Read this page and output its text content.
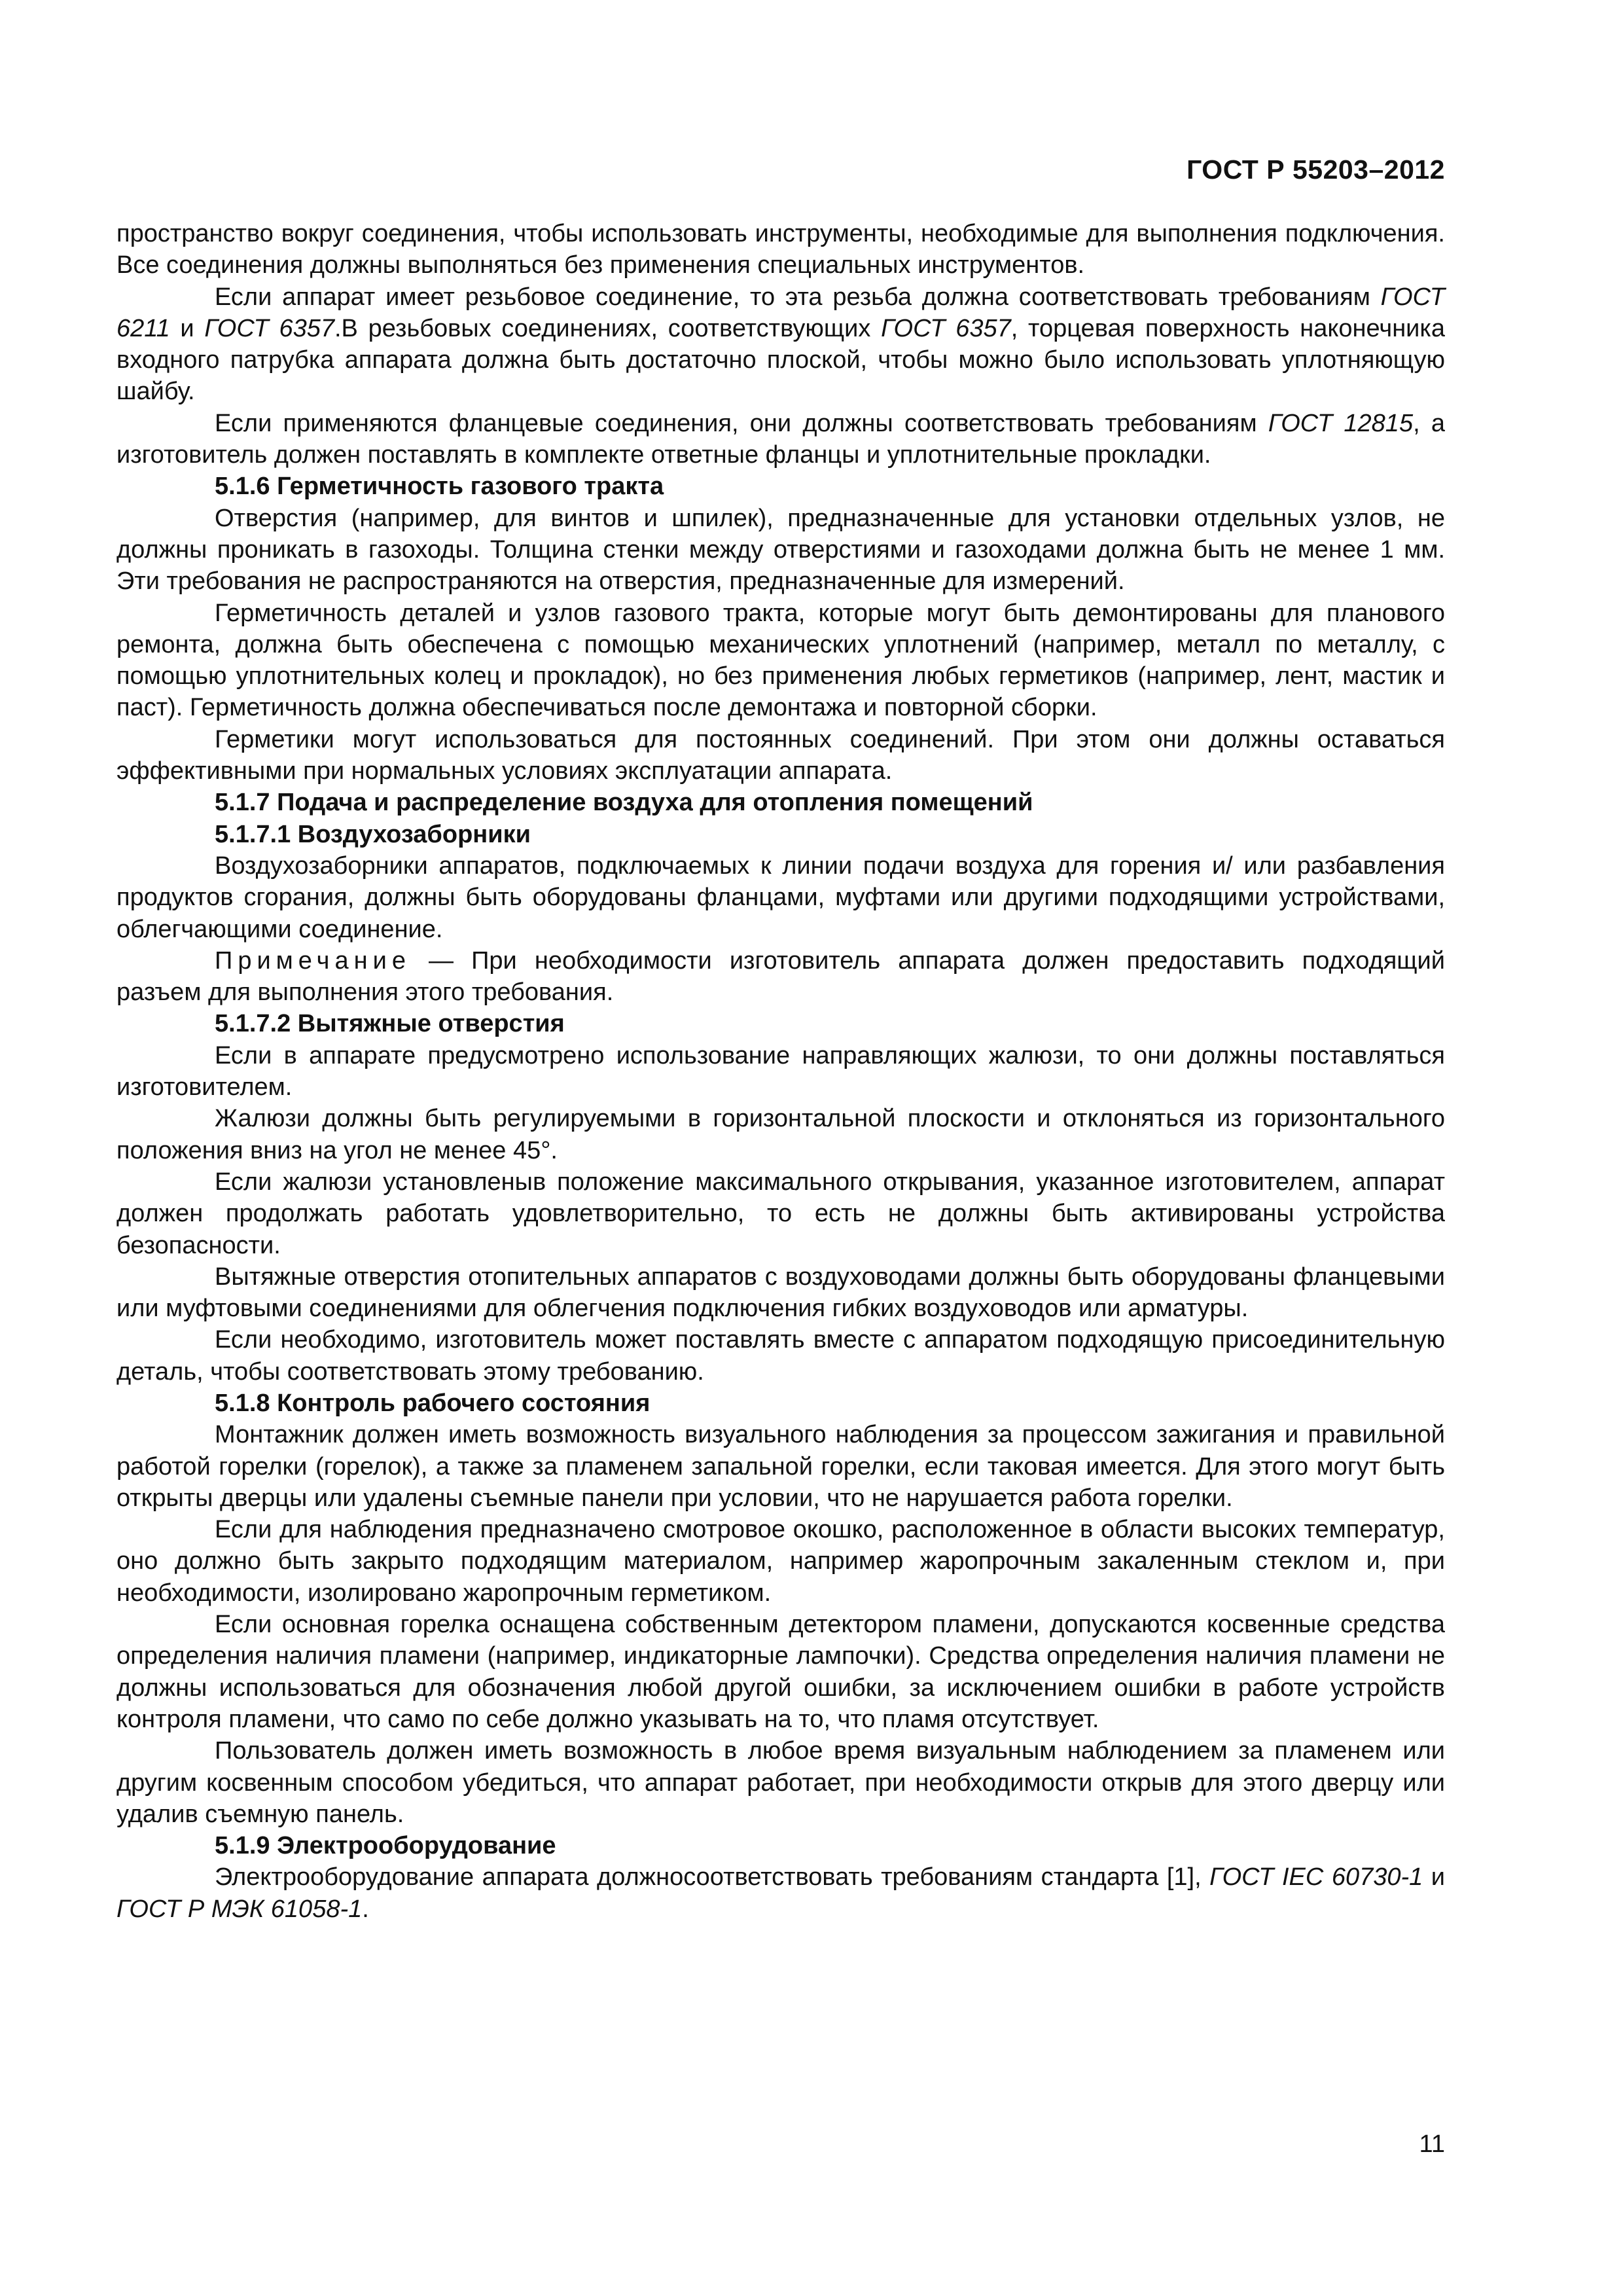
ГОСТ Р 55203–2012

пространство вокруг соединения, чтобы использовать инструменты, необходимые для выполнения подключения. Все соединения должны выполняться без применения специальных инструментов.

Если аппарат имеет резьбовое соединение, то эта резьба должна соответствовать требованиям ГОСТ 6211 и ГОСТ 6357.В резьбовых соединениях, соответствующих ГОСТ 6357, торцевая поверхность наконечника входного патрубка аппарата должна быть достаточно плоской, чтобы можно было использовать уплотняющую шайбу.

Если применяются фланцевые соединения, они должны соответствовать требованиям ГОСТ 12815, а изготовитель должен поставлять в комплекте ответные фланцы и уплотнительные прокладки.

5.1.6 Герметичность газового тракта

Отверстия (например, для винтов и шпилек), предназначенные для установки отдельных узлов, не должны проникать в газоходы. Толщина стенки между отверстиями и газоходами должна быть не менее 1 мм. Эти требования не распространяются на отверстия, предназначенные для измерений.

Герметичность деталей и узлов газового тракта, которые могут быть демонтированы для планового ремонта, должна быть обеспечена с помощью механических уплотнений (например, металл по металлу, с помощью уплотнительных колец и прокладок), но без применения любых герметиков (например, лент, мастик и паст). Герметичность должна обеспечиваться после демонтажа и повторной сборки.

Герметики могут использоваться для постоянных соединений. При этом они должны оставаться эффективными при нормальных условиях эксплуатации аппарата.

5.1.7 Подача и распределение воздуха для отопления помещений

5.1.7.1 Воздухозаборники

Воздухозаборники аппаратов, подключаемых к линии подачи воздуха для горения и/ или разбавления продуктов сгорания, должны быть оборудованы фланцами, муфтами или другими подходящими устройствами, облегчающими соединение.

Примечание — При необходимости изготовитель аппарата должен предоставить подходящий разъем для выполнения этого требования.

5.1.7.2 Вытяжные отверстия

Если в аппарате предусмотрено использование направляющих жалюзи, то они должны поставляться изготовителем.

Жалюзи должны быть регулируемыми в горизонтальной плоскости и отклоняться из горизонтального положения вниз на угол не менее 45°.

Если жалюзи установленыв положение максимального открывания, указанное изготовителем, аппарат должен продолжать работать удовлетворительно, то есть не должны быть активированы устройства безопасности.

Вытяжные отверстия отопительных аппаратов с воздуховодами должны быть оборудованы фланцевыми или муфтовыми соединениями для облегчения подключения гибких воздуховодов или арматуры.

Если необходимо, изготовитель может поставлять вместе с аппаратом подходящую присоединительную деталь, чтобы соответствовать этому требованию.

5.1.8 Контроль рабочего состояния

Монтажник должен иметь возможность визуального наблюдения за процессом зажигания и правильной работой горелки (горелок), а также за пламенем запальной горелки, если таковая имеется. Для этого могут быть открыты дверцы или удалены съемные панели при условии, что не нарушается работа горелки.

Если для наблюдения предназначено смотровое окошко, расположенное в области высоких температур, оно должно быть закрыто подходящим материалом, например жаропрочным закаленным стеклом и, при необходимости, изолировано жаропрочным герметиком.

Если основная горелка оснащена собственным детектором пламени, допускаются косвенные средства определения наличия пламени (например, индикаторные лампочки). Средства определения наличия пламени не должны использоваться для обозначения любой другой ошибки, за исключением ошибки в работе устройств контроля пламени, что само по себе должно указывать на то, что пламя отсутствует.

Пользователь должен иметь возможность в любое время визуальным наблюдением за пламенем или другим косвенным способом убедиться, что аппарат работает, при необходимости открыв для этого дверцу или удалив съемную панель.

5.1.9 Электрооборудование

Электрооборудование аппарата должносоответствовать требованиям стандарта [1], ГОСТ IEC 60730-1 и ГОСТ Р МЭК 61058-1.

11
